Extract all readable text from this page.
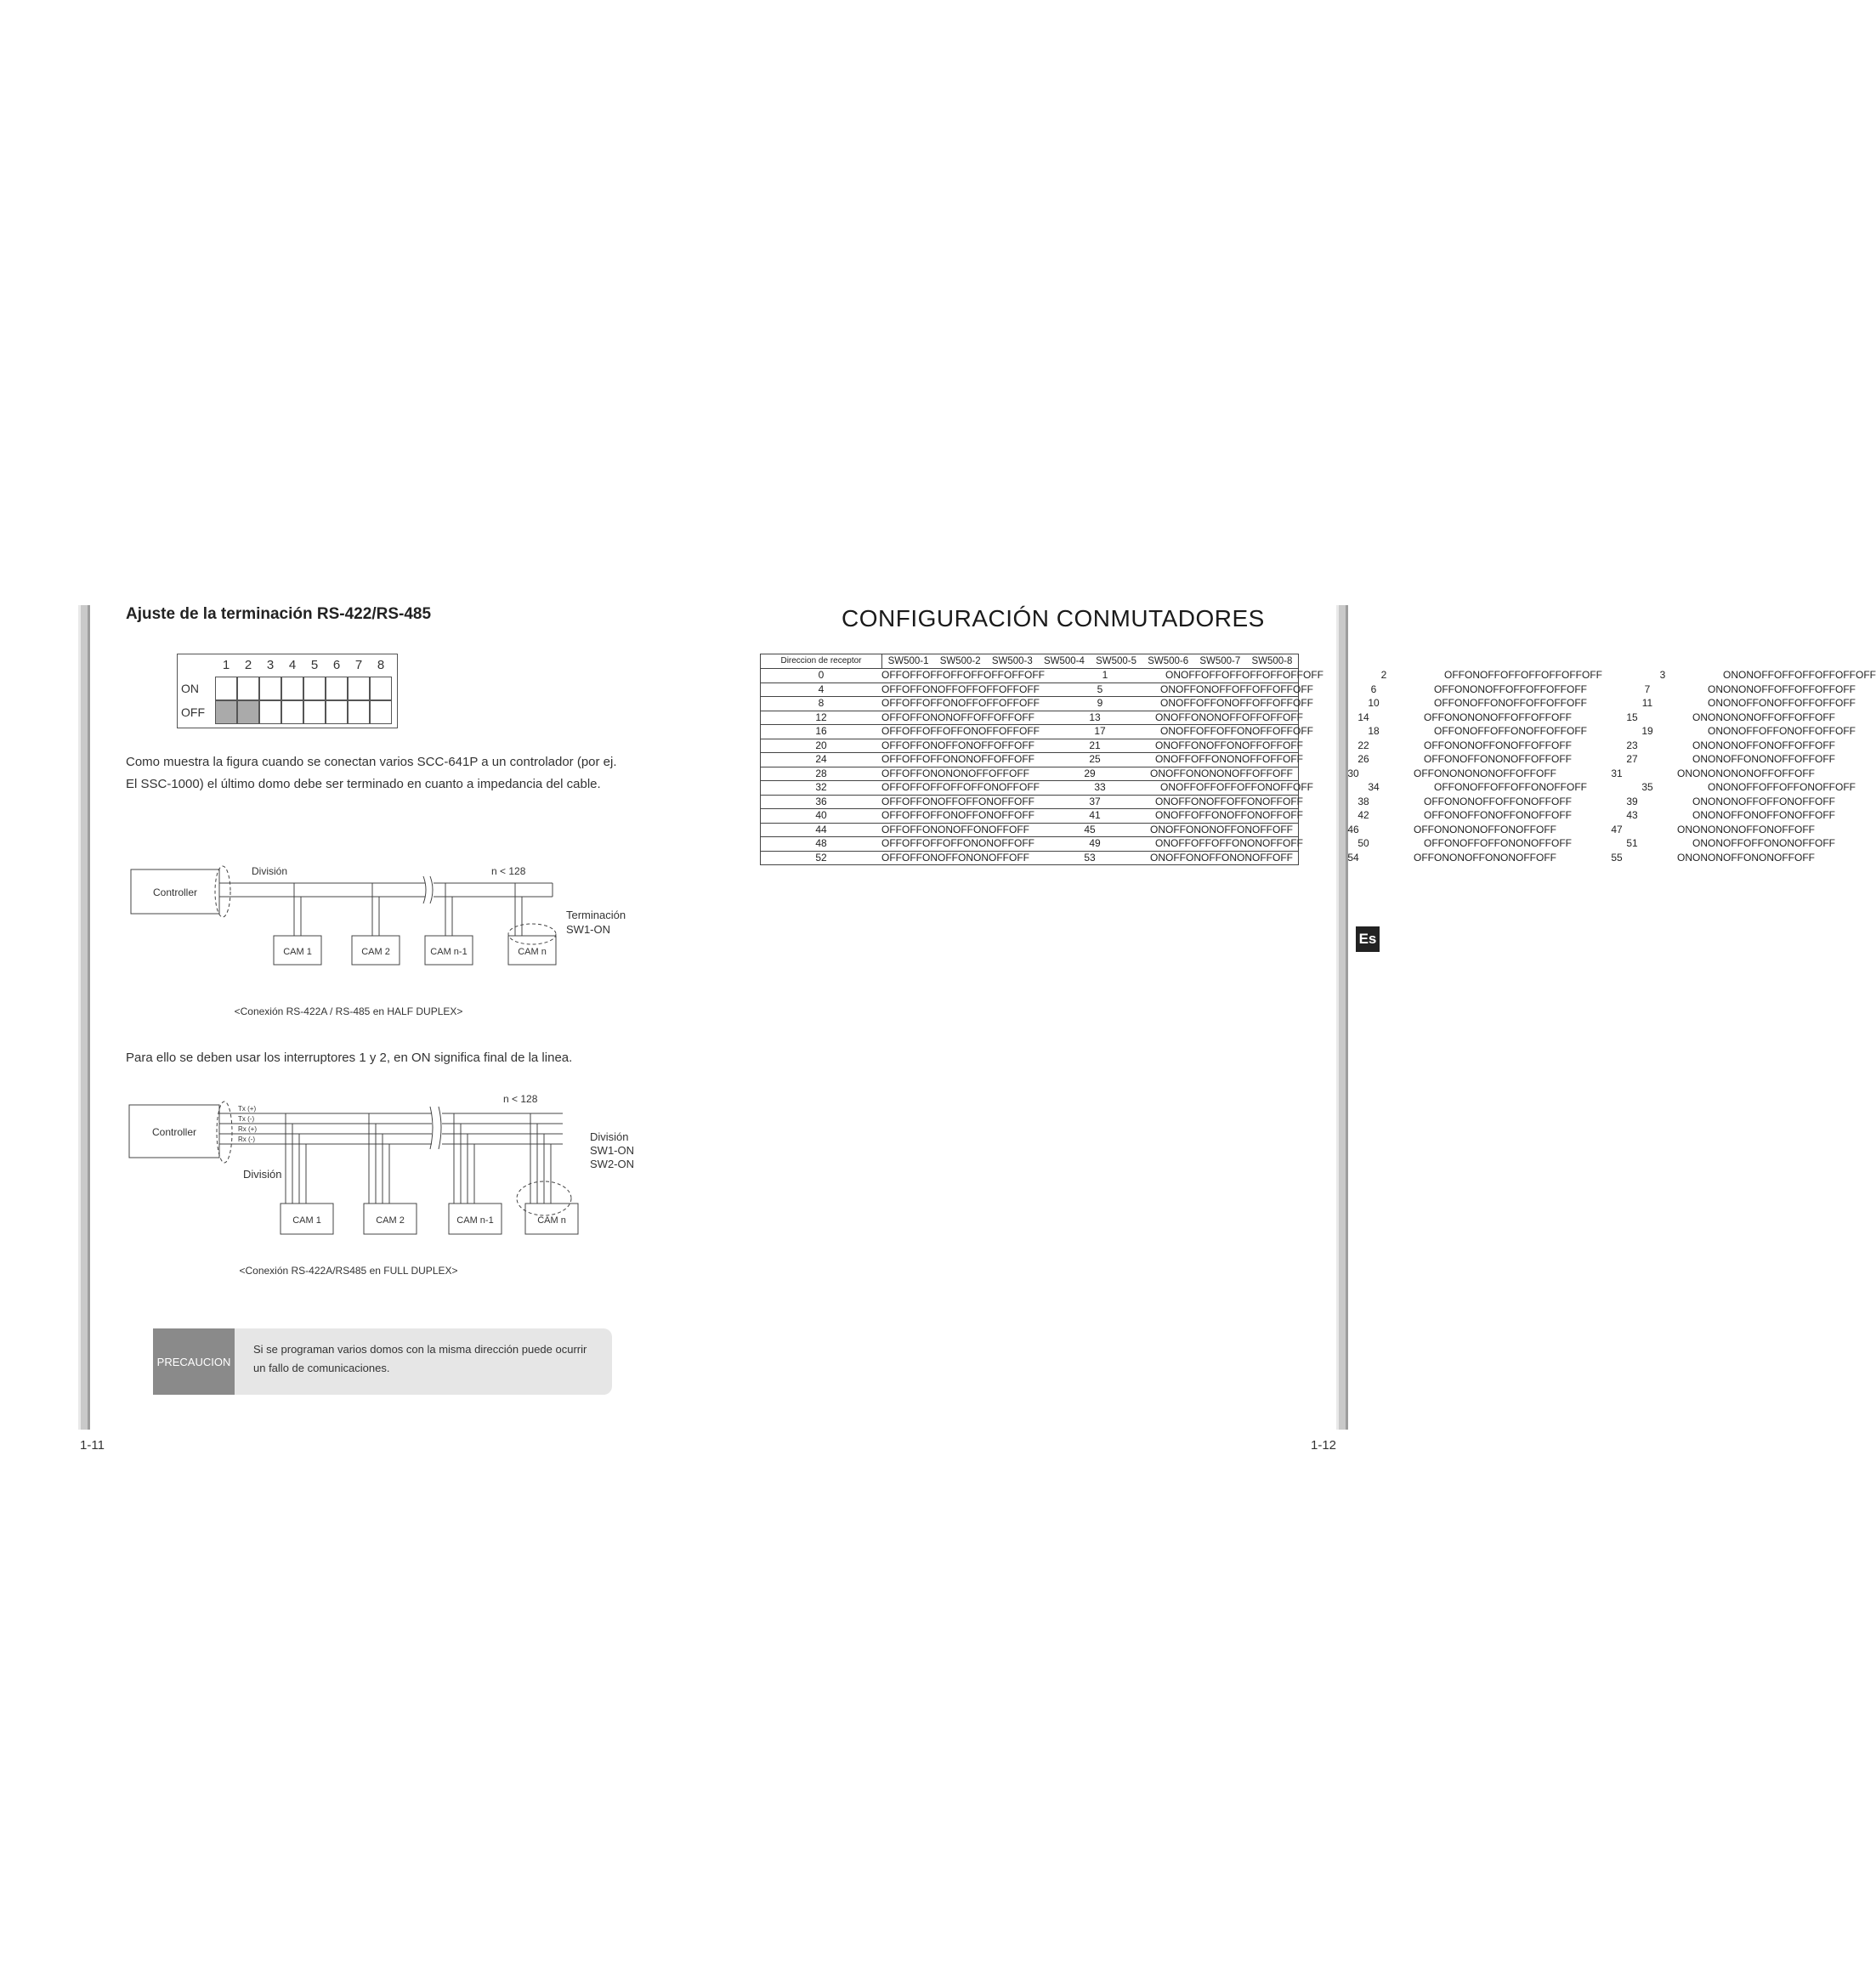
Ajuste de la terminación RS-422/RS-485
1	2	3	4	5	6	7	8
ON
OFF
Como muestra la figura cuando se conectan varios SCC-641P a un controlador (por ej.
El SSC-1000) el último domo debe ser terminado en cuanto a impedancia del cable.
Controller
División	n < 128
CAM 1	CAM 2	CAM n-1	CAM n
Terminación
SW1-ON
<Conexión RS-422A / RS-485 en HALF DUPLEX>
Para ello se deben usar los interruptores 1 y 2, en ON significa final de la linea.
Controller
Tx (+)
Tx (-)
Rx (+)
Rx (-)
n < 128
División
CAM 1	CAM 2	CAM n-1	CAM n
División
SW1-ON
SW2-ON
<Conexión RS-422A/RS485 en FULL DUPLEX>
PRECAUCION
Si se programan varios domos con la misma dirección puede ocurrir
un fallo de comunicaciones.
1-11
CONFIGURACIÓN CONMUTADORES
Es
Direccion de receptor	SW500-1	SW500-2	SW500-3	SW500-4	SW500-5	SW500-6	SW500-7	SW500-8
0	OFF OFF OFF OFF OFF OFF OFF OFF	1	ON OFF OFF OFF OFF OFF OFF OFF	2	OFF ON OFF OFF OFF OFF OFF OFF	3	ON ON OFF OFF OFF OFF OFF OFF
4	OFF OFF ON OFF OFF OFF OFF OFF	5	ON OFF ON OFF OFF OFF OFF OFF	6	OFF ON ON OFF OFF OFF OFF OFF	7	ON ON ON OFF OFF OFF OFF OFF
8	OFF OFF OFF ON OFF OFF OFF OFF	9	ON OFF OFF ON OFF OFF OFF OFF	10	OFF ON OFF ON OFF OFF OFF OFF	11	ON ON OFF ON OFF OFF OFF OFF
12	OFF OFF ON ON OFF OFF OFF OFF	13	ON OFF ON ON OFF OFF OFF OFF	14	OFF ON ON ON OFF OFF OFF OFF	15	ON ON ON ON OFF OFF OFF OFF
16	OFF OFF OFF OFF ON OFF OFF OFF	17	ON OFF OFF OFF ON OFF OFF OFF	18	OFF ON OFF OFF ON OFF OFF OFF	19	ON ON OFF OFF ON OFF OFF OFF
20	OFF OFF ON OFF ON OFF OFF OFF	21	ON OFF ON OFF ON OFF OFF OFF	22	OFF ON ON OFF ON OFF OFF OFF	23	ON ON ON OFF ON OFF OFF OFF
24	OFF OFF OFF ON ON OFF OFF OFF	25	ON OFF OFF ON ON OFF OFF OFF	26	OFF ON OFF ON ON OFF OFF OFF	27	ON ON OFF ON ON OFF OFF OFF
28	OFF OFF ON ON ON OFF OFF OFF	29	ON OFF ON ON ON OFF OFF OFF	30	OFF ON ON ON ON OFF OFF OFF	31	ON ON ON ON ON OFF OFF OFF
32	OFF OFF OFF OFF OFF ON OFF OFF	33	ON OFF OFF OFF OFF ON OFF OFF	34	OFF ON OFF OFF OFF ON OFF OFF	35	ON ON OFF OFF OFF ON OFF OFF
36	OFF OFF ON OFF OFF ON OFF OFF	37	ON OFF ON OFF OFF ON OFF OFF	38	OFF ON ON OFF OFF ON OFF OFF	39	ON ON ON OFF OFF ON OFF OFF
40	OFF OFF OFF ON OFF ON OFF OFF	41	ON OFF OFF ON OFF ON OFF OFF	42	OFF ON OFF ON OFF ON OFF OFF	43	ON ON OFF ON OFF ON OFF OFF
44	OFF OFF ON ON OFF ON OFF OFF	45	ON OFF ON ON OFF ON OFF OFF	46	OFF ON ON ON OFF ON OFF OFF	47	ON ON ON ON OFF ON OFF OFF
48	OFF OFF OFF OFF ON ON OFF OFF	49	ON OFF OFF OFF ON ON OFF OFF	50	OFF ON OFF OFF ON ON OFF OFF	51	ON ON OFF OFF ON ON OFF OFF
52	OFF OFF ON OFF ON ON OFF OFF	53	ON OFF ON OFF ON ON OFF OFF	54	OFF ON ON OFF ON ON OFF OFF	55	ON ON ON OFF ON ON OFF OFF
1-12
